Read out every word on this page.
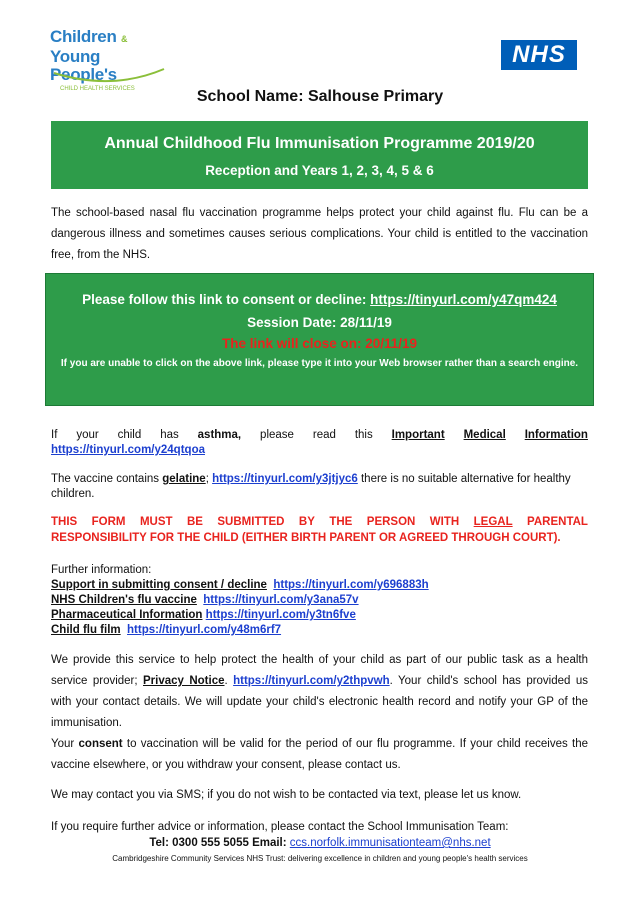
Children &
Young People's
CHILD HEALTH SERVICES
NHS
School Name: Salhouse Primary
Annual Childhood Flu Immunisation Programme 2019/20
Reception and Years 1, 2, 3, 4, 5 & 6
The school-based nasal flu vaccination programme helps protect your child against flu. Flu can be a dangerous illness and sometimes causes serious complications. Your child is entitled to the vaccination free, from the NHS.
Please follow this link to consent or decline: https://tinyurl.com/y47qm424
Session Date: 28/11/19
The link will close on: 20/11/19
If you are unable to click on the above link, please type it into your Web browser rather than a search engine.
If your child has asthma, please read this Important Medical Information
https://tinyurl.com/y24qtqoa
The vaccine contains gelatine; https://tinyurl.com/y3jtjyc6 there is no suitable alternative for healthy children.
THIS FORM MUST BE SUBMITTED BY THE PERSON WITH LEGAL PARENTAL
RESPONSIBILITY FOR THE CHILD (EITHER BIRTH PARENT OR AGREED THROUGH COURT).
Further information:
Support in submitting consent / decline https://tinyurl.com/y696883h
NHS Children's flu vaccine https://tinyurl.com/y3ana57v
Pharmaceutical Information https://tinyurl.com/y3tn6fve
Child flu film https://tinyurl.com/y48m6rf7
We provide this service to help protect the health of your child as part of our public task as a health service provider; Privacy Notice. https://tinyurl.com/y2thpvwh. Your child's school has provided us with your contact details. We will update your child's electronic health record and notify your GP of the immunisation.
Your consent to vaccination will be valid for the period of our flu programme. If your child receives the vaccine elsewhere, or you withdraw your consent, please contact us.
We may contact you via SMS; if you do not wish to be contacted via text, please let us know.
If you require further advice or information, please contact the School Immunisation Team:
Tel: 0300 555 5055 Email: ccs.norfolk.immunisationteam@nhs.net
Cambridgeshire Community Services NHS Trust: delivering excellence in children and young people's health services
